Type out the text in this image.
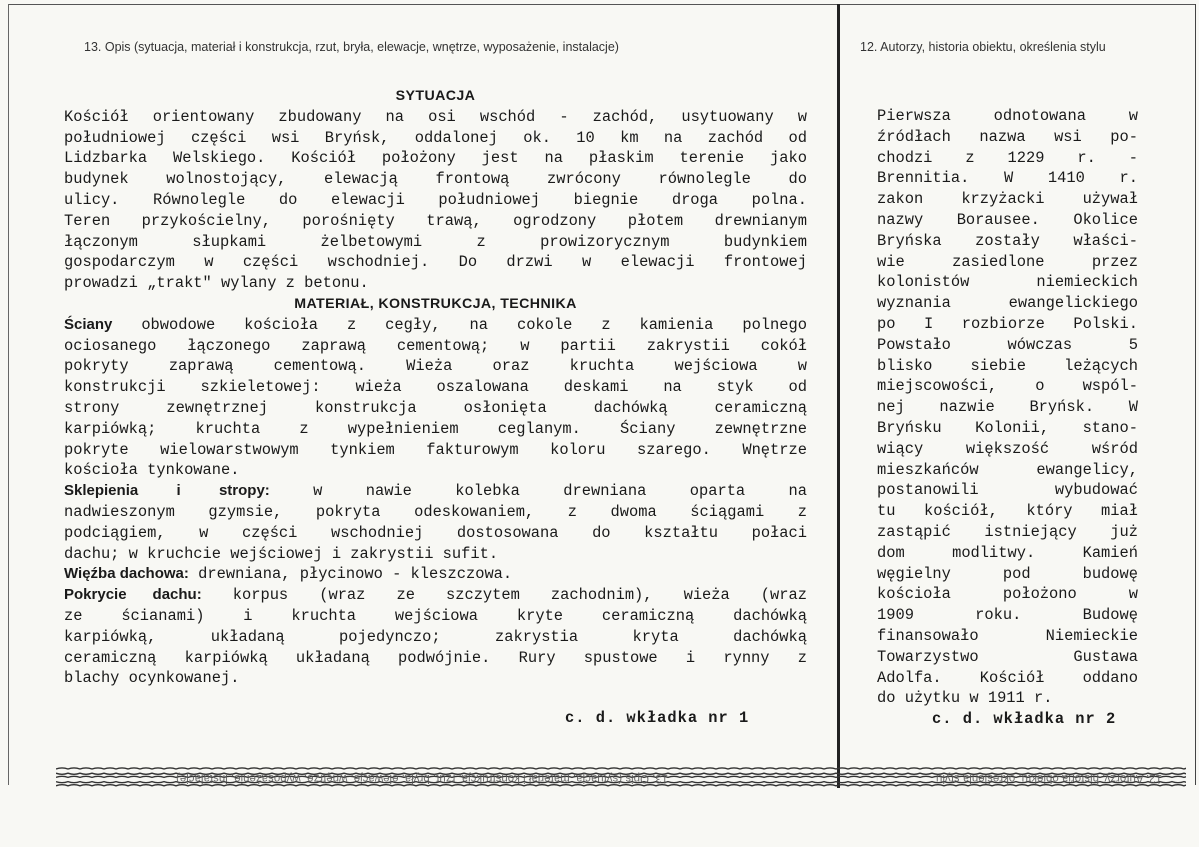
13. Opis (sytuacja, materiał i konstrukcja, rzut, bryła, elewacje, wnętrze, wyposażenie, instalacje)	12. Autorzy, historia obiektu, określenia stylu

SYTUACJA

Kościół orientowany zbudowany na osi wschód - zachód, usytuowany w

południowej części wsi Bryńsk, oddalonej ok. 10 km na zachód od

Lidzbarka Welskiego. Kościół położony jest na płaskim terenie jako

budynek wolnostojący, elewacją frontową zwrócony równolegle do

ulicy. Równolegle do elewacji południowej biegnie droga polna.

Teren przykościelny, porośnięty trawą, ogrodzony płotem drewnianym

łączonym słupkami żelbetowymi z prowizorycznym budynkiem

gospodarczym w części wschodniej. Do drzwi w elewacji frontowej

prowadzi „trakt" wylany z betonu.

MATERIAŁ, KONSTRUKCJA, TECHNIKA

Ściany obwodowe kościoła z cegły, na cokole z kamienia polnego

ociosanego łączonego zaprawą cementową; w partii zakrystii cokół

pokryty zaprawą cementową. Wieża oraz kruchta wejściowa w

konstrukcji szkieletowej: wieża oszalowana deskami na styk od

strony zewnętrznej konstrukcja osłonięta dachówką ceramiczną

karpiówką; kruchta z wypełnieniem ceglanym. Ściany zewnętrzne

pokryte wielowarstwowym tynkiem fakturowym koloru szarego. Wnętrze

kościoła tynkowane.

Sklepienia i stropy: w nawie kolebka drewniana oparta na

nadwieszonym gzymsie, pokryta odeskowaniem, z dwoma ściągami z

podciągiem, w części wschodniej dostosowana do kształtu połaci

dachu; w kruchcie wejściowej i zakrystii sufit.

Więźba dachowa: drewniana, płycinowo - kleszczowa.

Pokrycie dachu: korpus (wraz ze szczytem zachodnim), wieża (wraz

ze ścianami) i kruchta wejściowa kryte ceramiczną dachówką

karpiówką, układaną pojedynczo; zakrystia kryta dachówką

ceramiczną karpiówką układaną podwójnie. Rury spustowe i rynny z

blachy ocynkowanej.

c. d. wkładka nr 1

Pierwsza odnotowana w

źródłach nazwa wsi po-

chodzi z 1229 r. -

Brennitia. W 1410 r.

zakon krzyżacki używał

nazwy Borausee. Okolice

Bryńska zostały właści-

wie zasiedlone przez

kolonistów niemieckich

wyznania ewangelickiego

po I rozbiorze Polski.

Powstało wówczas 5

blisko siebie leżących

miejscowości, o wspól-

nej nazwie Bryńsk. W

Bryńsku Kolonii, stano-

wiący większość wśród

mieszkańców ewangelicy,

postanowili wybudować

tu kościół, który miał

zastąpić istniejący już

dom modlitwy. Kamień

węgielny pod budowę

kościoła położono w

1909 roku. Budowę

finansowało Niemieckie

Towarzystwo Gustawa

Adolfa. Kościół oddano

do użytku w 1911 r.

c. d. wkładka nr 2
13. Opis (sytuacja, materiał i konstrukcja, rzut, bryła, elewacje, wnętrze, wyposażenie, instalacje)	12. Autorzy, historia obiektu, określenia stylu
